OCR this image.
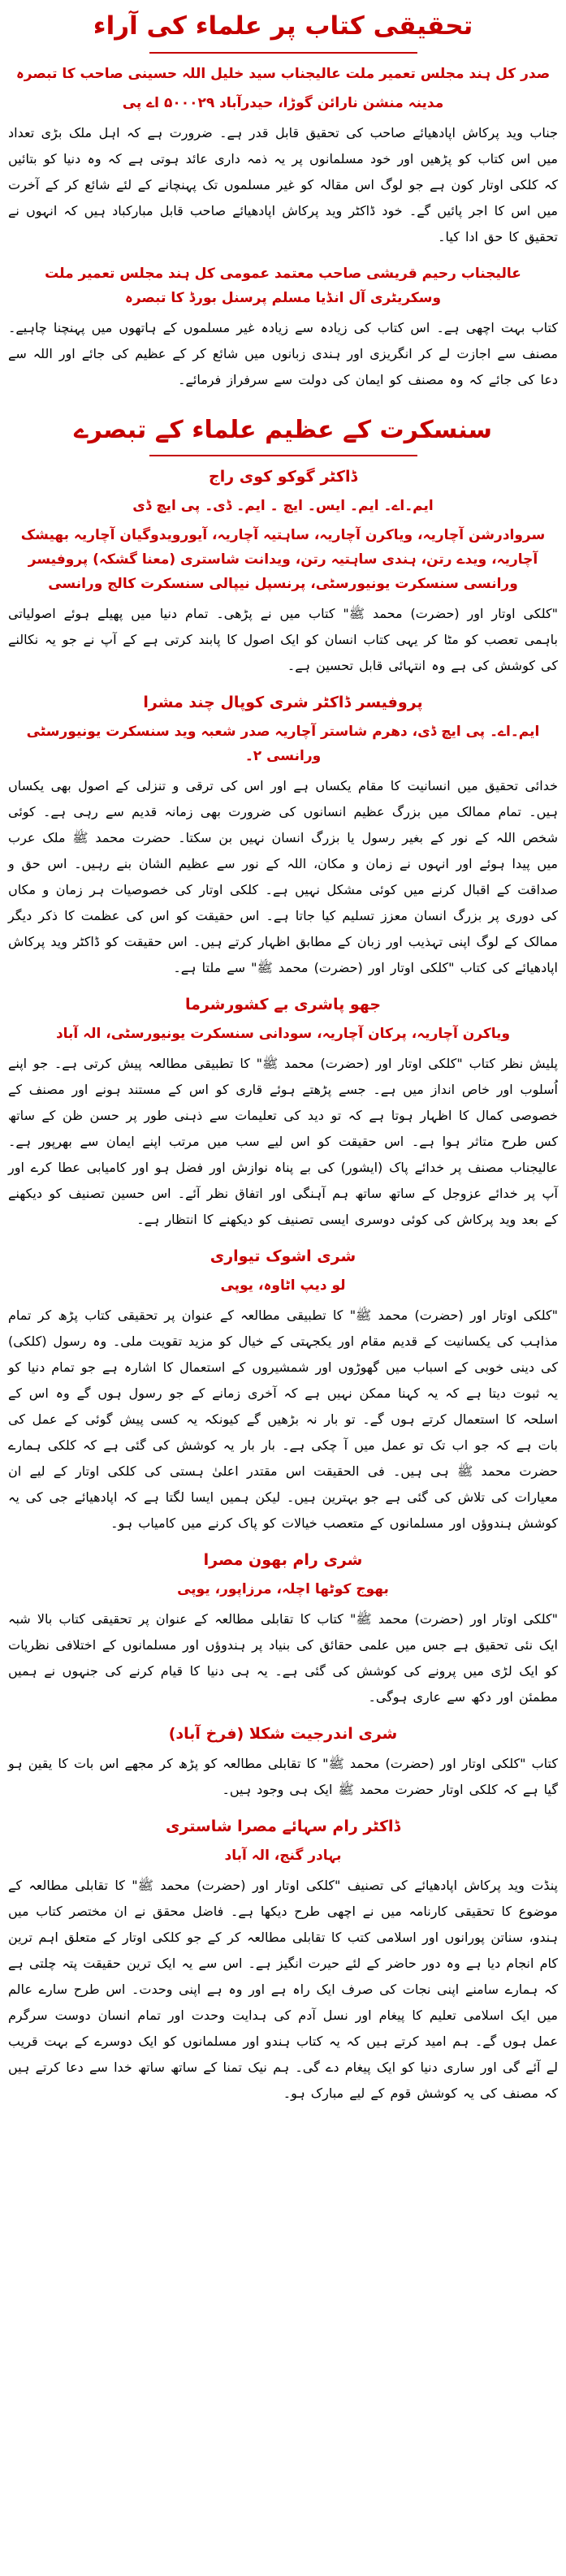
تحقیقی کتاب پر علماء کی آراء
صدر کل ہند مجلس تعمیر ملت عالیجناب سید خلیل اللہ حسینی صاحب کا تبصرہ
مدینہ منشن نارائن گوڑا، حیدرآباد ۵۰۰۰۲۹ اے پی

جناب وید پرکاش اپادھیائے صاحب کی تحقیق قابل قدر ہے۔ ضرورت ہے کہ اہل ملک بڑی تعداد میں اس کتاب کو پڑھیں اور خود مسلمانوں پر یہ ذمہ داری عائد ہوتی ہے کہ وہ دنیا کو بتائیں کہ کلکی اوتار کون ہے جو لوگ اس مقالہ کو غیر مسلموں تک پہنچانے کے لئے شائع کر کے آخرت میں اس کا اجر پائیں گے۔ خود ڈاکٹر وید پرکاش اپادھیائے صاحب قابل مبارکباد ہیں کہ انہوں نے تحقیق کا حق ادا کیا۔

عالیجناب رحیم قریشی صاحب معتمد عمومی کل ہند مجلس تعمیر ملت وسکریٹری آل انڈیا مسلم پرسنل بورڈ کا تبصرہ

کتاب بہت اچھی ہے۔ اس کتاب کی زیادہ سے زیادہ غیر مسلموں کے ہاتھوں میں پہنچنا چاہیے۔ مصنف سے اجازت لے کر انگریزی اور ہندی زبانوں میں شائع کر کے عظیم کی جائے اور اللہ سے دعا کی جائے کہ وہ مصنف کو ایمان کی دولت سے سرفراز فرمائے۔

سنسکرت کے عظیم علماء کے تبصرے
ڈاکٹر گوکو کوی راج
ایم۔اے۔ ایم۔ ایس۔ ایچ ۔ ایم۔ ڈی۔ پی ایچ ڈی
سروادرشن آچاریہ، ویاکرن آچاریہ، ساہتیہ آچاریہ، آیورویدوگیان آچاریہ بھیشک آچاریہ، ویدے رتن، ہندی ساہتیہ رتن، ویدانت شاستری (معنا گشکہ) پروفیسر ورانسی سنسکرت یونیورسٹی، پرنسپل نیپالی سنسکرت کالج ورانسی

"کلکی اوتار اور (حضرت) محمد ﷺ" کتاب میں نے پڑھی۔ تمام دنیا میں پھیلے ہوئے اصولیاتی باہمی تعصب کو مٹا کر یہی کتاب انسان کو ایک اصول کا پابند کرتی ہے کے آپ نے جو یہ نکالنے کی کوشش کی ہے وہ انتہائی قابل تحسین ہے۔

پروفیسر ڈاکٹر شری کوپال چند مشرا
ایم۔اے۔ پی ایچ ڈی، دھرم شاستر آچاریہ صدر شعبہ وید سنسکرت یونیورسٹی ورانسی ۲۔

خدائی تحقیق میں انسانیت کا مقام یکساں ہے اور اس کی ترقی و تنزلی کے اصول بھی یکساں ہیں۔ تمام ممالک میں بزرگ عظیم انسانوں کی ضرورت بھی زمانہ قدیم سے رہی ہے۔ کوئی شخص اللہ کے نور کے بغیر رسول یا بزرگ انسان نہیں بن سکتا۔ حضرت محمد ﷺ ملک عرب میں پیدا ہوئے اور انہوں نے زمان و مکان، اللہ کے نور سے عظیم الشان بنے رہیں۔ اس حق و صداقت کے اقبال کرنے میں کوئی مشکل نہیں ہے۔ کلکی اوتار کی خصوصیات ہر زمان و مکاں کی دوری پر بزرگ انسان معزز تسلیم کیا جاتا ہے۔ اس حقیقت کو اس کی عظمت کا ذکر دیگر ممالک کے لوگ اپنی تہذیب اور زبان کے مطابق اظہار کرتے ہیں۔ اس حقیقت کو ڈاکٹر وید پرکاش اپادھیائے کی کتاب "کلکی اوتار اور (حضرت) محمد ﷺ" سے ملتا ہے۔

جھو پاشری بے کشورشرما
ویاکرن آچاریہ، پرکان آچاریہ، سودانی سنسکرت یونیورسٹی، الہ آباد

پلیش نظر کتاب "کلکی اوتار اور (حضرت) محمد ﷺ" کا تطبیقی مطالعہ پیش کرتی ہے۔ جو اپنے اُسلوب اور خاص انداز میں ہے۔ جسے پڑھتے ہوئے قاری کو اس کے مستند ہونے اور مصنف کے خصوصی کمال کا اظہار ہوتا ہے کہ تو دید کی تعلیمات سے ذہنی طور پر حسن ظن کے ساتھ کس طرح متاثر ہوا ہے۔ اس حقیقت کو اس لیے سب میں مرتب اپنے ایمان سے بھرپور ہے۔ عالیجناب مصنف پر خدائے پاک (ایشور) کی بے پناہ نوازش اور فضل ہو اور کامیابی عطا کرے اور آپ پر خدائے عزوجل کے ساتھ ساتھ ہم آہنگی اور اتفاق نظر آئے۔ اس حسین تصنیف کو دیکھنے کے بعد وید پرکاش کی کوئی دوسری ایسی تصنیف کو دیکھنے کا انتظار ہے۔

شری اشوک تیواری
لو دیپ اٹاوہ، یوپی

"کلکی اوتار اور (حضرت) محمد ﷺ" کا تطبیقی مطالعہ کے عنوان پر تحقیقی کتاب پڑھ کر تمام مذاہب کی یکسانیت کے قدیم مقام اور یکجہتی کے خیال کو مزید تقویت ملی۔ وہ رسول (کلکی) کی دینی خوبی کے اسباب میں گھوڑوں اور شمشیروں کے استعمال کا اشارہ ہے جو تمام دنیا کو یہ ثبوت دیتا ہے کہ یہ کہنا ممکن نہیں ہے کہ آخری زمانے کے جو رسول ہوں گے وہ اس کے اسلحہ کا استعمال کرتے ہوں گے۔ تو بار نہ بڑھیں گے کیونکہ یہ کسی پیش گوئی کے عمل کی بات ہے کہ جو اب تک تو عمل میں آ چکی ہے۔ بار بار یہ کوشش کی گئی ہے کہ کلکی ہمارے حضرت محمد ﷺ ہی ہیں۔ فی الحقیقت اس مقتدر اعلیٰ ہستی کی کلکی اوتار کے لیے ان معیارات کی تلاش کی گئی ہے جو بہترین ہیں۔ لیکن ہمیں ایسا لگتا ہے کہ اپادھیائے جی کی یہ کوشش ہندوؤں اور مسلمانوں کے متعصب خیالات کو پاک کرنے میں کامیاب ہو۔

شری رام بھون مصرا
بھوج کوٹھا اچلہ، مرزاپور، یوپی

"کلکی اوتار اور (حضرت) محمد ﷺ" کتاب کا تقابلی مطالعہ کے عنوان پر تحقیقی کتاب بالا شبہ ایک نئی تحقیق ہے جس میں علمی حقائق کی بنیاد پر ہندوؤں اور مسلمانوں کے اختلافی نظریات کو ایک لڑی میں پرونے کی کوشش کی گئی ہے۔ یہ ہی دنیا کا قیام کرنے کی جنہوں نے ہمیں مطمئن اور دکھ سے عاری ہوگی۔

شری اندرجیت شکلا (فرخ آباد)

کتاب "کلکی اوتار اور (حضرت) محمد ﷺ" کا تقابلی مطالعہ کو پڑھ کر مجھے اس بات کا یقین ہو گیا ہے کہ کلکی اوتار حضرت محمد ﷺ ایک ہی وجود ہیں۔

ڈاکٹر رام سہائے مصرا شاستری
بہادر گنج، الہ آباد

پنڈت وید پرکاش اپادھیائے کی تصنیف "کلکی اوتار اور (حضرت) محمد ﷺ" کا تقابلی مطالعہ کے موضوع کا تحقیقی کارنامہ میں نے اچھی طرح دیکھا ہے۔ فاضل محقق نے ان مختصر کتاب میں ہندو، سناتن پورانوں اور اسلامی کتب کا تقابلی مطالعہ کر کے جو کلکی اوتار کے متعلق اہم ترین کام انجام دیا ہے وہ دور حاضر کے لئے حیرت انگیز ہے۔ اس سے یہ ایک ترین حقیقت پتہ چلتی ہے کہ ہمارے سامنے اپنی نجات کی صرف ایک راہ ہے اور وہ ہے اپنی وحدت۔ اس طرح سارے عالم میں ایک اسلامی تعلیم کا پیغام اور نسل آدم کی ہدایت وحدت اور تمام انسان دوست سرگرم عمل ہوں گے۔ ہم امید کرتے ہیں کہ یہ کتاب ہندو اور مسلمانوں کو ایک دوسرے کے بہت قریب لے آئے گی اور ساری دنیا کو ایک پیغام دے گی۔ ہم نیک تمنا کے ساتھ ساتھ خدا سے دعا کرتے ہیں کہ مصنف کی یہ کوشش قوم کے لیے مبارک ہو۔
